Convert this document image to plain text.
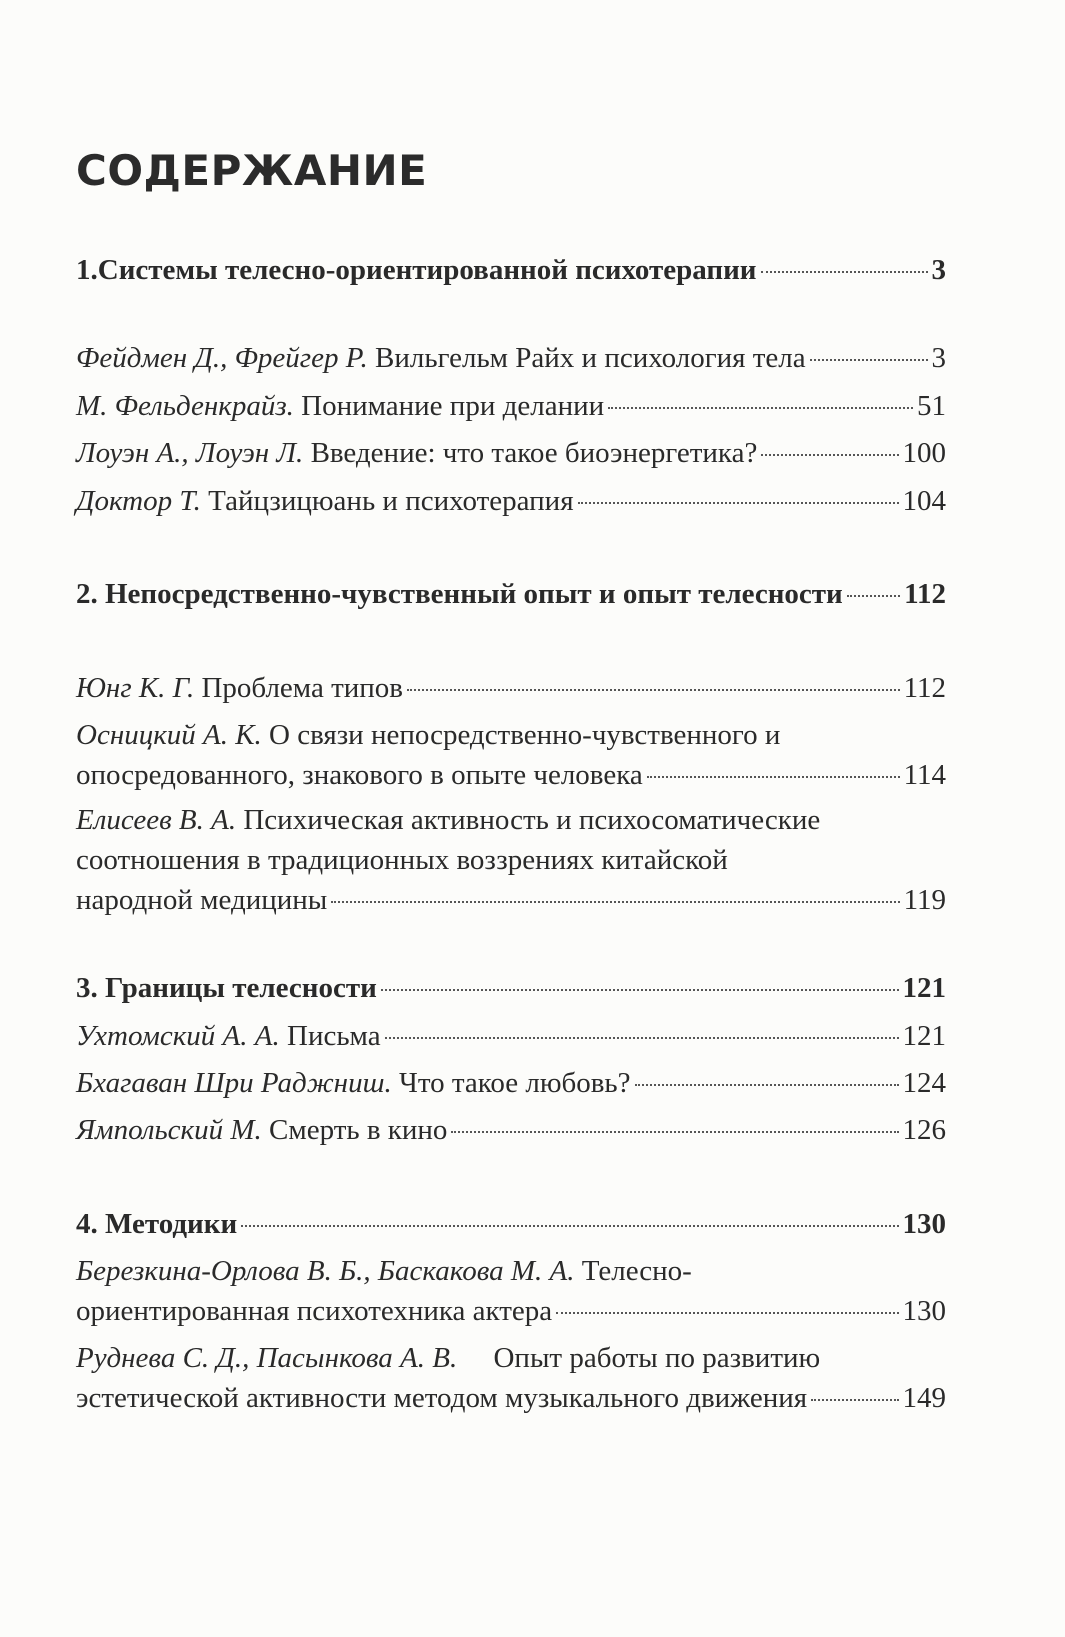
СОДЕРЖАНИЕ
1.Системы телесно-ориентированной психотерапии	3
Фейдмен Д., Фрейгер Р. Вильгельм Райх и психология тела	3
М. Фельденкрайз. Понимание при делании	51
Лоуэн А., Лоуэн Л. Введение: что такое биоэнергетика?	100
Доктор Т. Тайцзицюань и психотерапия	104
2. Непосредственно-чувственный опыт и опыт телесности 112
Юнг К. Г. Проблема типов	112
Осницкий А. К. О связи непосредственно-чувственного и
опосредованного, знакового в опыте человека	114
Елисеев В. А. Психическая активность и психосоматические
соотношения в традиционных воззрениях китайской
народной медицины	119
3. Границы телесности	121
Ухтомский А. А. Письма	121
Бхагаван Шри Раджниш. Что такое любовь?	124
Ямпольский М. Смерть в кино	126
4. Методики	130
Березкина-Орлова В. Б., Баскакова М. А. Телесно-
ориентированная психотехника актера	130
Руднева С. Д., Пасынкова А. В. Опыт работы по развитию
эстетической активности методом музыкального движения	149
